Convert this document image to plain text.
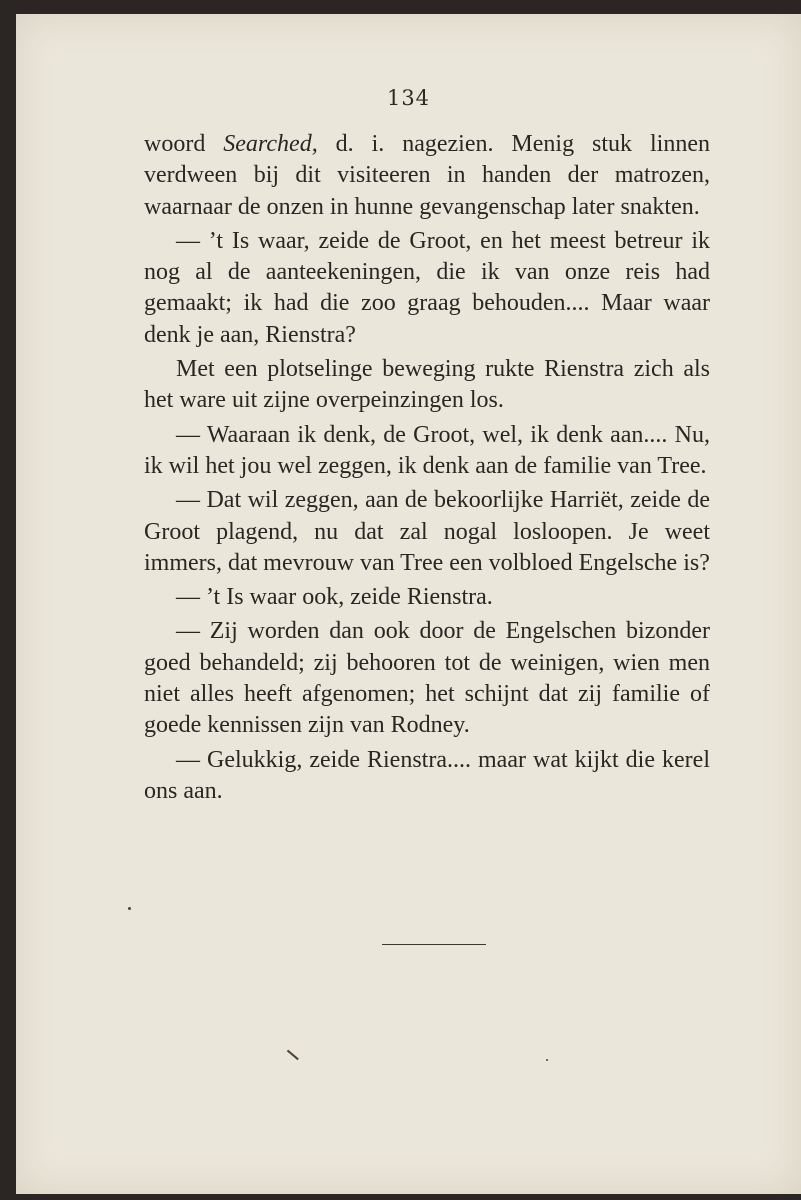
134

woord Searched, d. i. nagezien. Menig stuk linnen verdween bij dit visiteeren in handen der matrozen, waarnaar de onzen in hunne gevangenschap later snakten.

— ’t Is waar, zeide de Groot, en het meest betreur ik nog al de aanteekeningen, die ik van onze reis had gemaakt; ik had die zoo graag behouden.... Maar waar denk je aan, Rienstra?

Met een plotselinge beweging rukte Rienstra zich als het ware uit zijne overpeinzingen los.

— Waaraan ik denk, de Groot, wel, ik denk aan.... Nu, ik wil het jou wel zeggen, ik denk aan de familie van Tree.

— Dat wil zeggen, aan de bekoorlijke Harriët, zeide de Groot plagend, nu dat zal nogal losloopen. Je weet immers, dat mevrouw van Tree een volbloed Engelsche is?

— ’t Is waar ook, zeide Rienstra.

— Zij worden dan ook door de Engelschen bizonder goed behandeld; zij behooren tot de weinigen, wien men niet alles heeft afgenomen; het schijnt dat zij familie of goede kennissen zijn van Rodney.

— Gelukkig, zeide Rienstra.... maar wat kijkt die kerel ons aan.
